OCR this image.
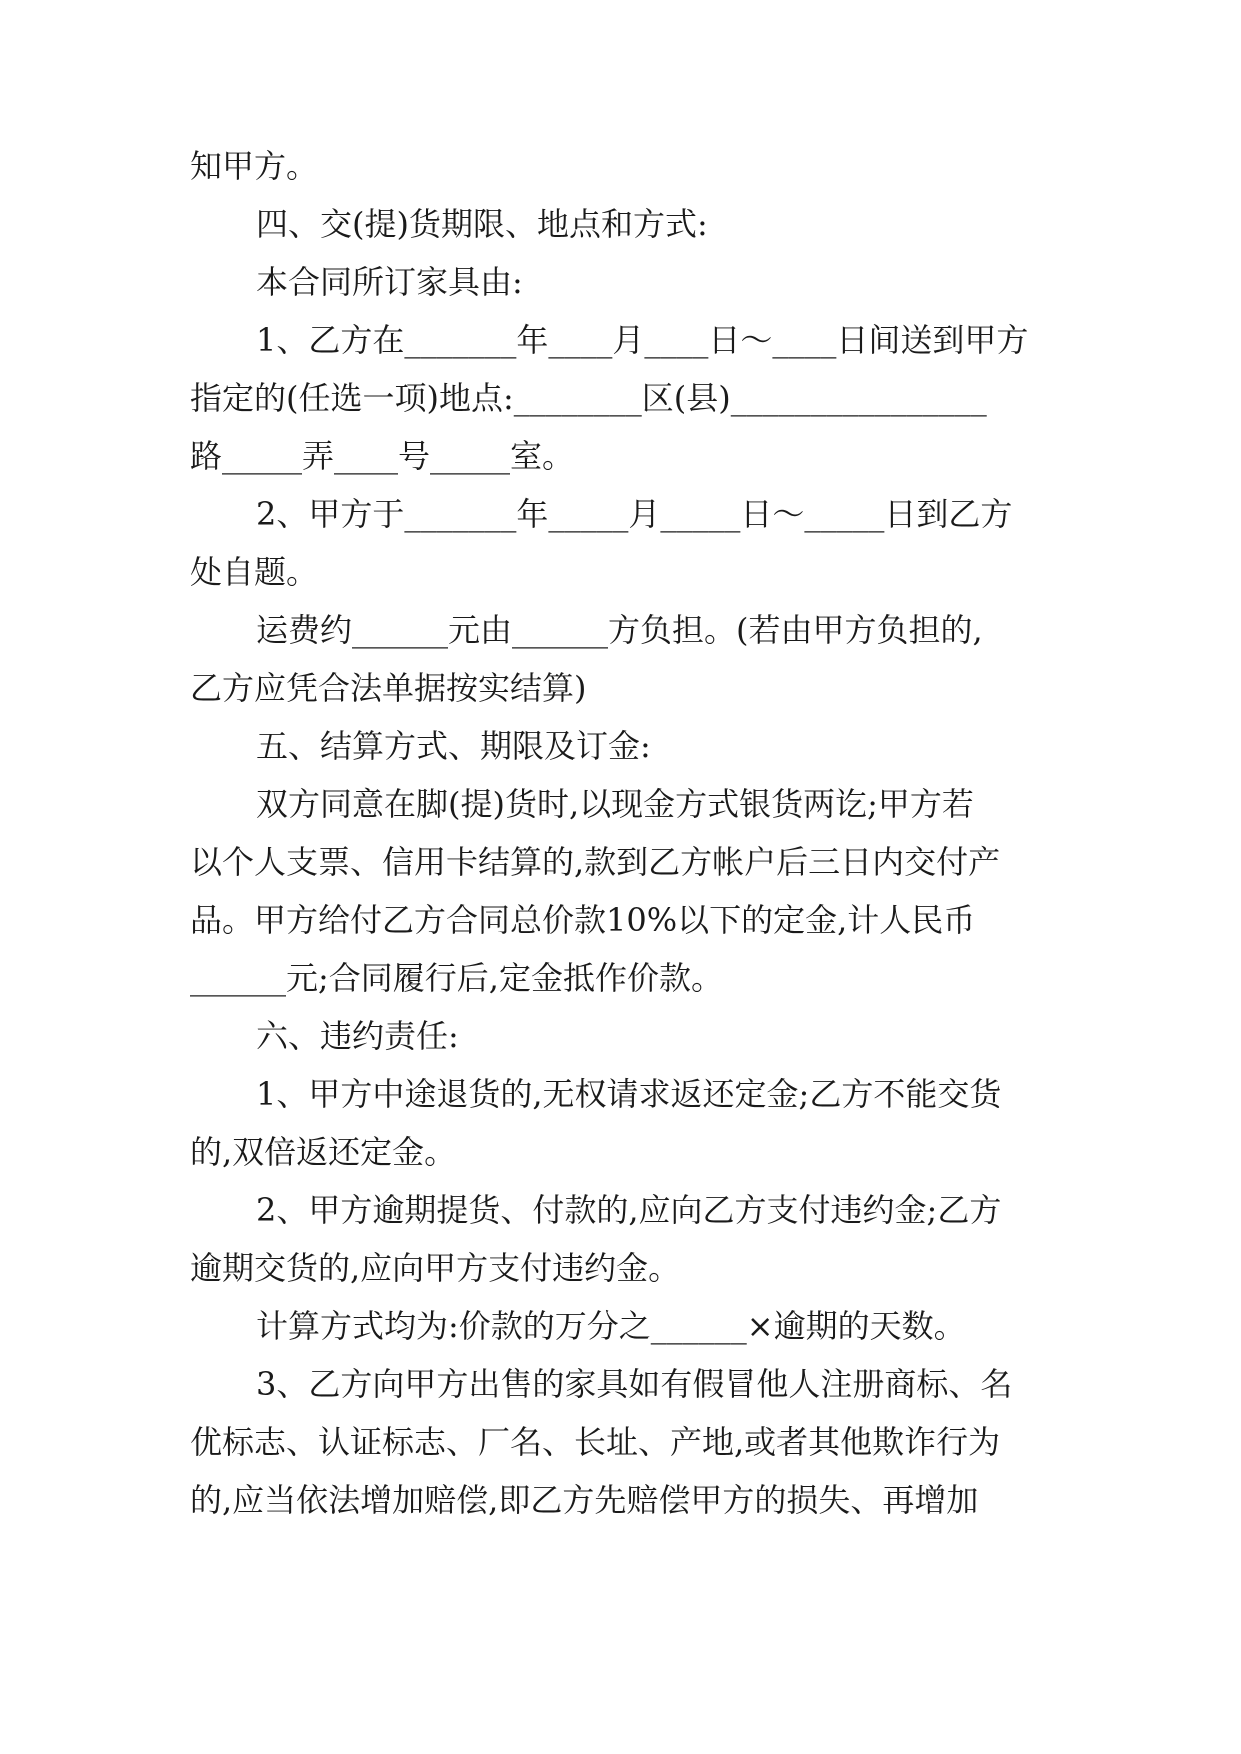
知甲方。
四、交(提)货期限、地点和方式:
本合同所订家具由:
1、乙方在_______年____月____日～____日间送到甲方
指定的(任选一项)地点:________区(县)________________
路_____弄____号_____室。
2、甲方于_______年_____月_____日～_____日到乙方
处自题。
运费约______元由______方负担。(若由甲方负担的,
乙方应凭合法单据按实结算)
五、结算方式、期限及订金:
双方同意在脚(提)货时,以现金方式银货两讫;甲方若
以个人支票、信用卡结算的,款到乙方帐户后三日内交付产
品。甲方给付乙方合同总价款10%以下的定金,计人民币
______元;合同履行后,定金抵作价款。
六、违约责任:
1、甲方中途退货的,无权请求返还定金;乙方不能交货
的,双倍返还定金。
2、甲方逾期提货、付款的,应向乙方支付违约金;乙方
逾期交货的,应向甲方支付违约金。
计算方式均为:价款的万分之______×逾期的天数。
3、乙方向甲方出售的家具如有假冒他人注册商标、名
优标志、认证标志、厂名、长址、产地,或者其他欺诈行为
的,应当依法增加赔偿,即乙方先赔偿甲方的损失、再增加
